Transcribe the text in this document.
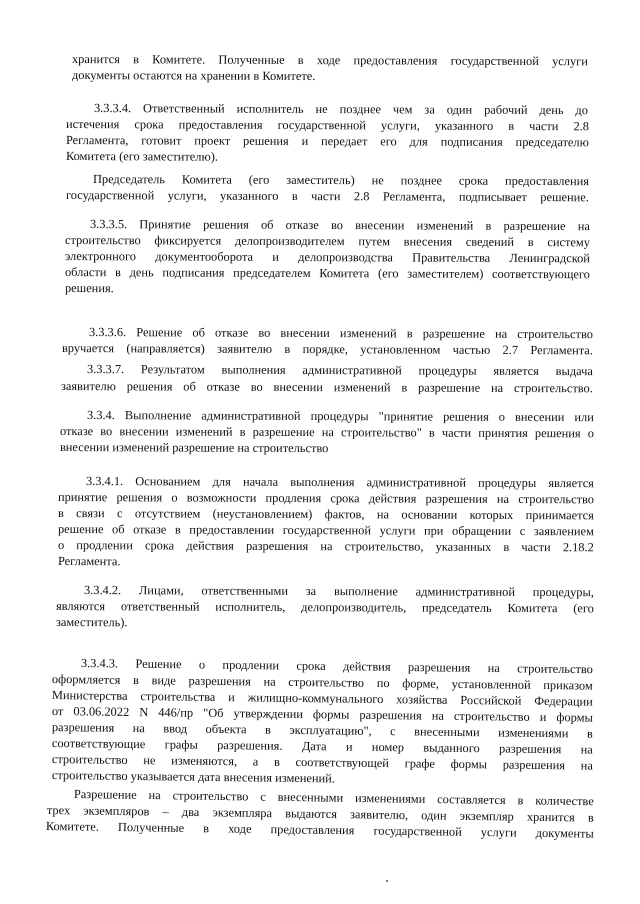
хранится в Комитете. Полученные в ходе предоставления государственной услуги
документы остаются на хранении в Комитете.
3.3.3.4. Ответственный исполнитель не позднее чем за один рабочий день до
истечения срока предоставления государственной услуги, указанного в части 2.8
Регламента, готовит проект решения и передает его для подписания председателю
Комитета (его заместителю).
Председатель Комитета (его заместитель) не позднее срока предоставления
государственной услуги, указанного в части 2.8 Регламента, подписывает решение.
3.3.3.5. Принятие решения об отказе во внесении изменений в разрешение на
строительство фиксируется делопроизводителем путем внесения сведений в систему
электронного документооборота и делопроизводства Правительства Ленинградской
области в день подписания председателем Комитета (его заместителем) соответствующего
решения.
3.3.3.6. Решение об отказе во внесении изменений в разрешение на строительство
вручается (направляется) заявителю в порядке, установленном частью 2.7 Регламента.
3.3.3.7. Результатом выполнения административной процедуры является выдача
заявителю решения об отказе во внесении изменений в разрешение на строительство.
3.3.4. Выполнение административной процедуры "принятие решения о внесении или
отказе во внесении изменений в разрешение на строительство" в части принятия решения о
внесении изменений разрешение на строительство
3.3.4.1. Основанием для начала выполнения административной процедуры является
принятие решения о возможности продления срока действия разрешения на строительство
в связи с отсутствием (неустановлением) фактов, на основании которых принимается
решение об отказе в предоставлении государственной услуги при обращении с заявлением
о продлении срока действия разрешения на строительство, указанных в части 2.18.2
Регламента.
3.3.4.2. Лицами, ответственными за выполнение административной процедуры,
являются ответственный исполнитель, делопроизводитель, председатель Комитета (его
заместитель).
3.3.4.3. Решение о продлении срока действия разрешения на строительство
оформляется в виде разрешения на строительство по форме, установленной приказом
Министерства строительства и жилищно-коммунального хозяйства Российской Федерации
от 03.06.2022 N 446/пр "Об утверждении формы разрешения на строительство и формы
разрешения на ввод объекта в эксплуатацию", с внесенными изменениями в
соответствующие графы разрешения. Дата и номер выданного разрешения на
строительство не изменяются, а в соответствующей графе формы разрешения на
строительство указывается дата внесения изменений.
Разрешение на строительство с внесенными изменениями составляется в количестве
трех экземпляров – два экземпляра выдаются заявителю, один экземпляр хранится в
Комитете. Полученные в ходе предоставления государственной услуги документы
